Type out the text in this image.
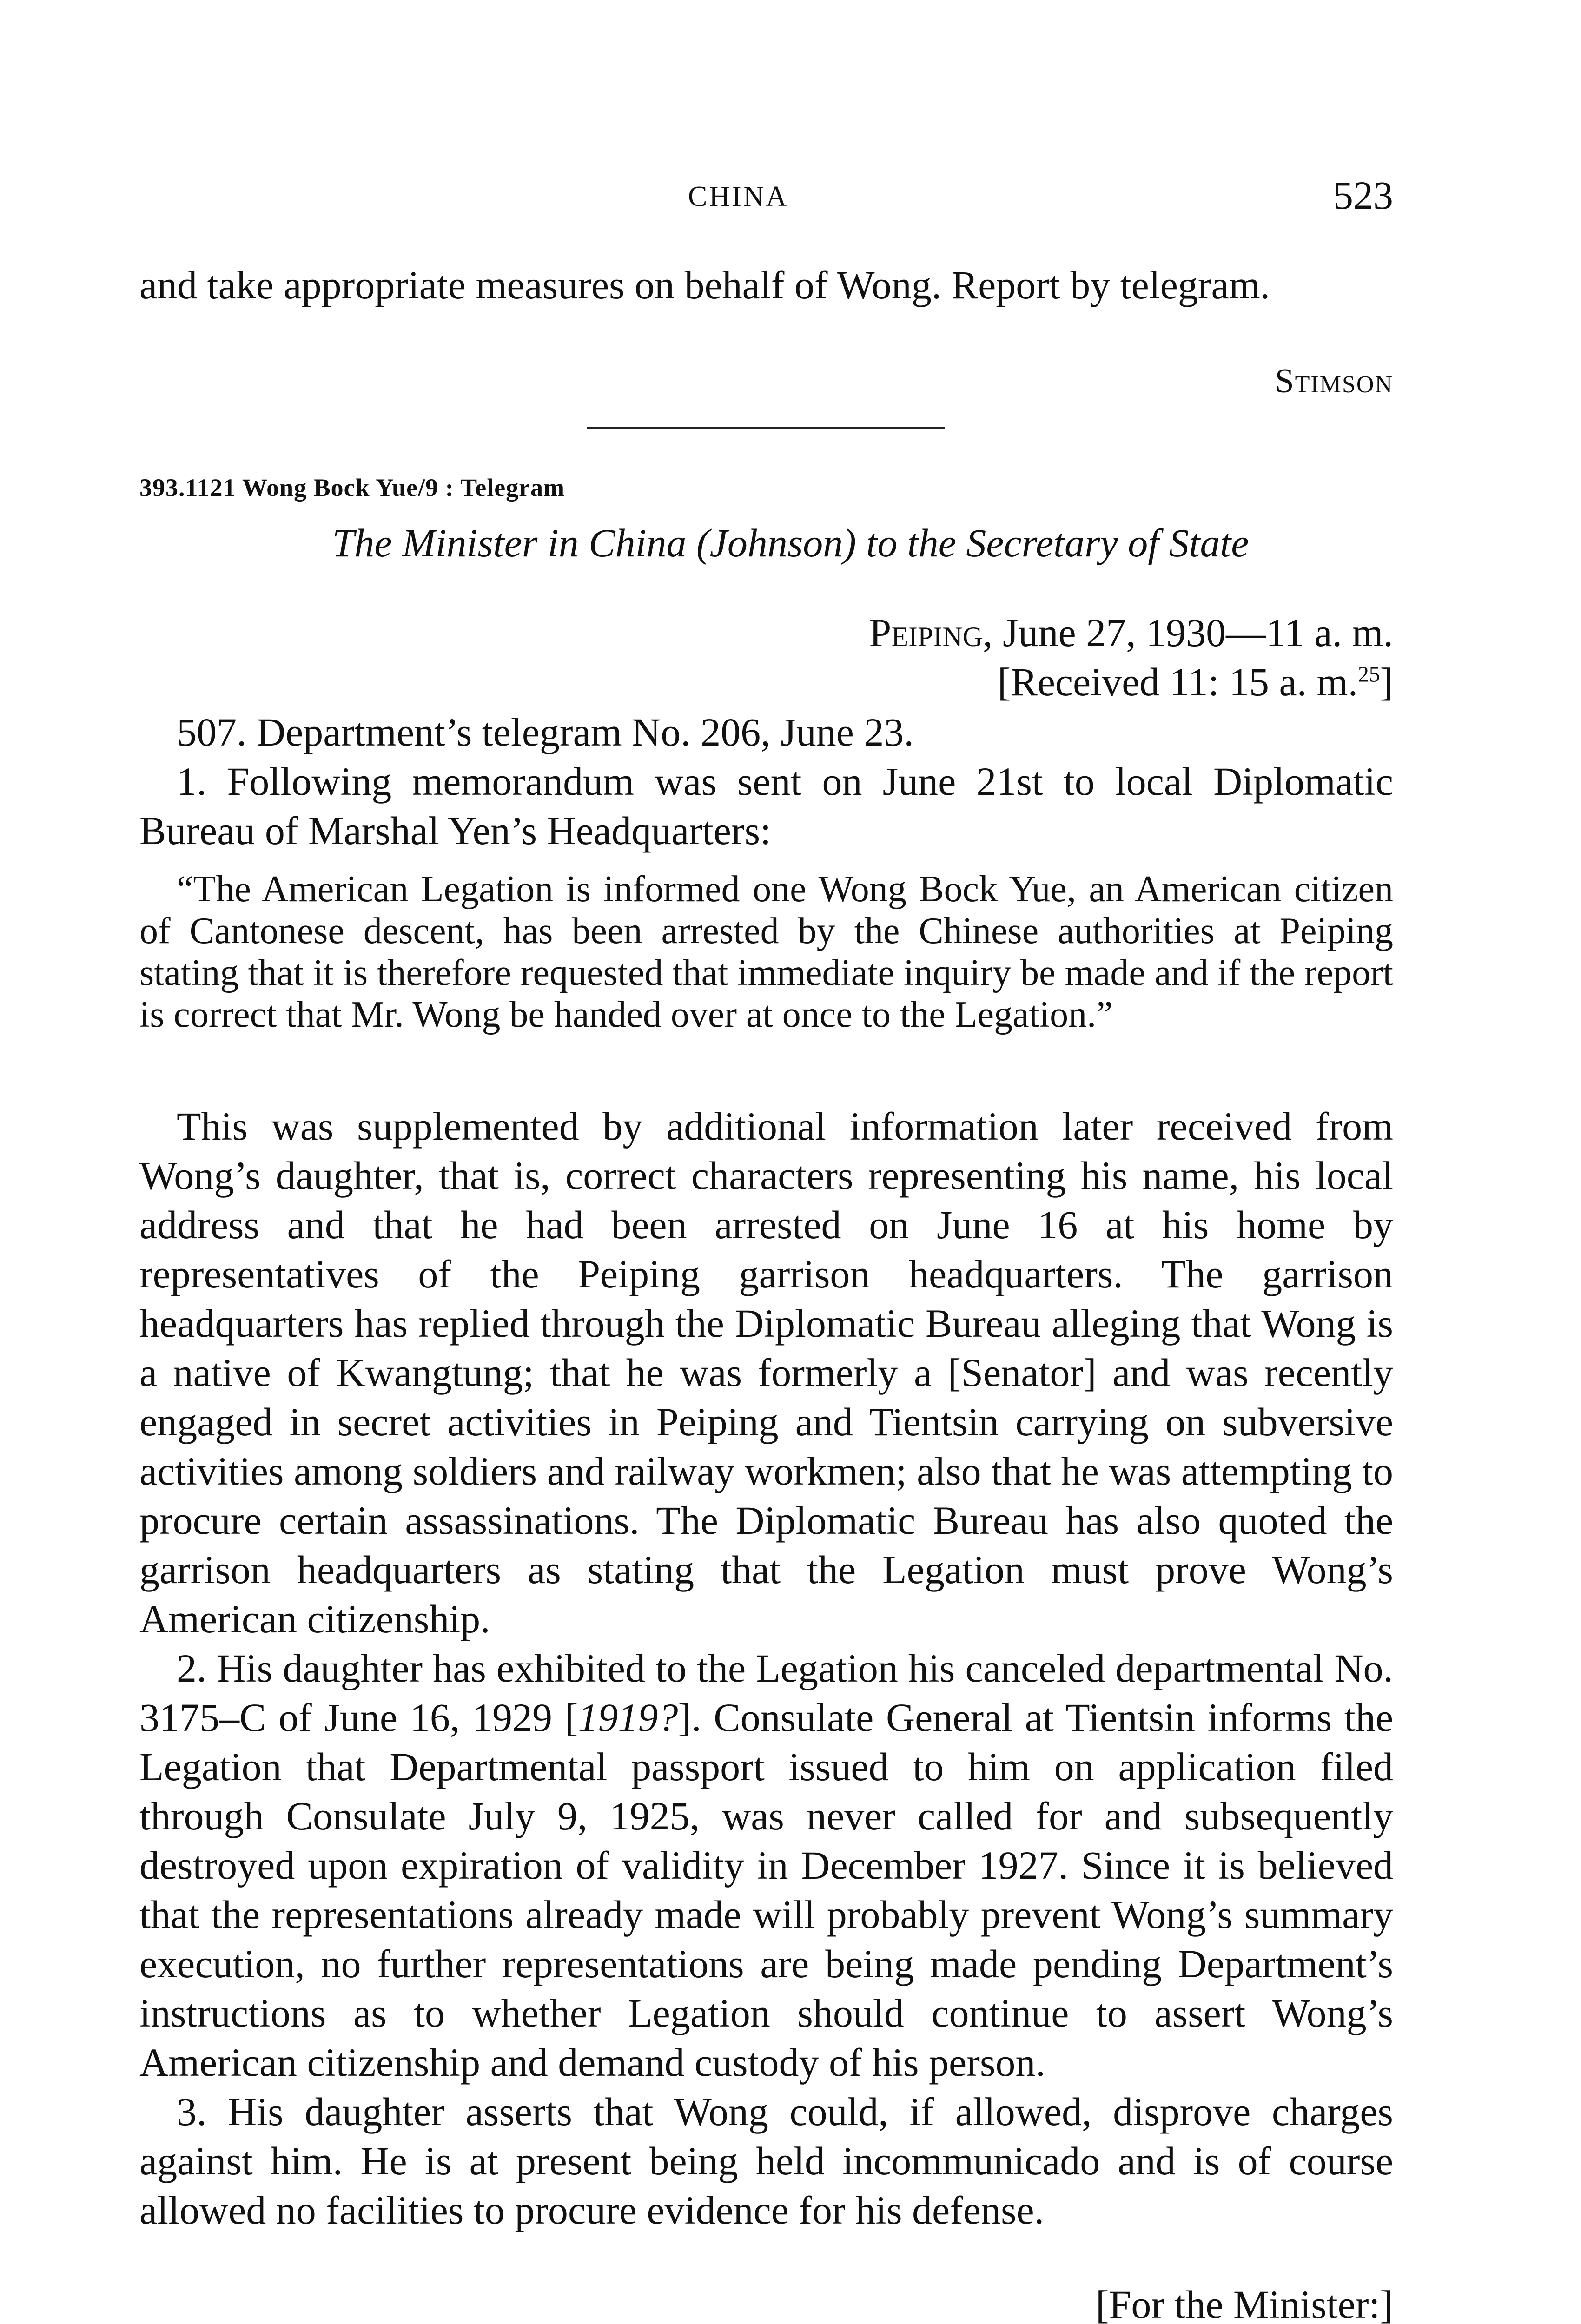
CHINA	523

and take appropriate measures on behalf of Wong. Report by telegram.

Stimson
393.1121 Wong Bock Yue/9 : Telegram
The Minister in China (Johnson) to the Secretary of State
Peiping, June 27, 1930—11 a. m.
[Received 11: 15 a. m.$^{25}$]

507. Department’s telegram No. 206, June 23.

1. Following memorandum was sent on June 21st to local Diplomatic Bureau of Marshal Yen’s Headquarters:

“The American Legation is informed one Wong Bock Yue, an American citizen of Cantonese descent, has been arrested by the Chinese authorities at Peiping stating that it is therefore requested that immediate inquiry be made and if the report is correct that Mr. Wong be handed over at once to the Legation.”

This was supplemented by additional information later received from Wong’s daughter, that is, correct characters representing his name, his local address and that he had been arrested on June 16 at his home by representatives of the Peiping garrison headquarters. The garrison headquarters has replied through the Diplomatic Bureau alleging that Wong is a native of Kwangtung; that he was formerly a [Senator] and was recently engaged in secret activities in Peiping and Tientsin carrying on subversive activities among soldiers and railway workmen; also that he was attempting to procure certain assassinations. The Diplomatic Bureau has also quoted the garrison headquarters as stating that the Legation must prove Wong’s American citizenship.

2. His daughter has exhibited to the Legation his canceled departmental No. 3175–C of June 16, 1929 [1919?]. Consulate General at Tientsin informs the Legation that Departmental passport issued to him on application filed through Consulate July 9, 1925, was never called for and subsequently destroyed upon expiration of validity in December 1927. Since it is believed that the representations already made will probably prevent Wong’s summary execution, no further representations are being made pending Department’s instructions as to whether Legation should continue to assert Wong’s American citizenship and demand custody of his person.

3. His daughter asserts that Wong could, if allowed, disprove charges against him. He is at present being held incommunicado and is of course allowed no facilities to procure evidence for his defense.

[For the Minister:]
